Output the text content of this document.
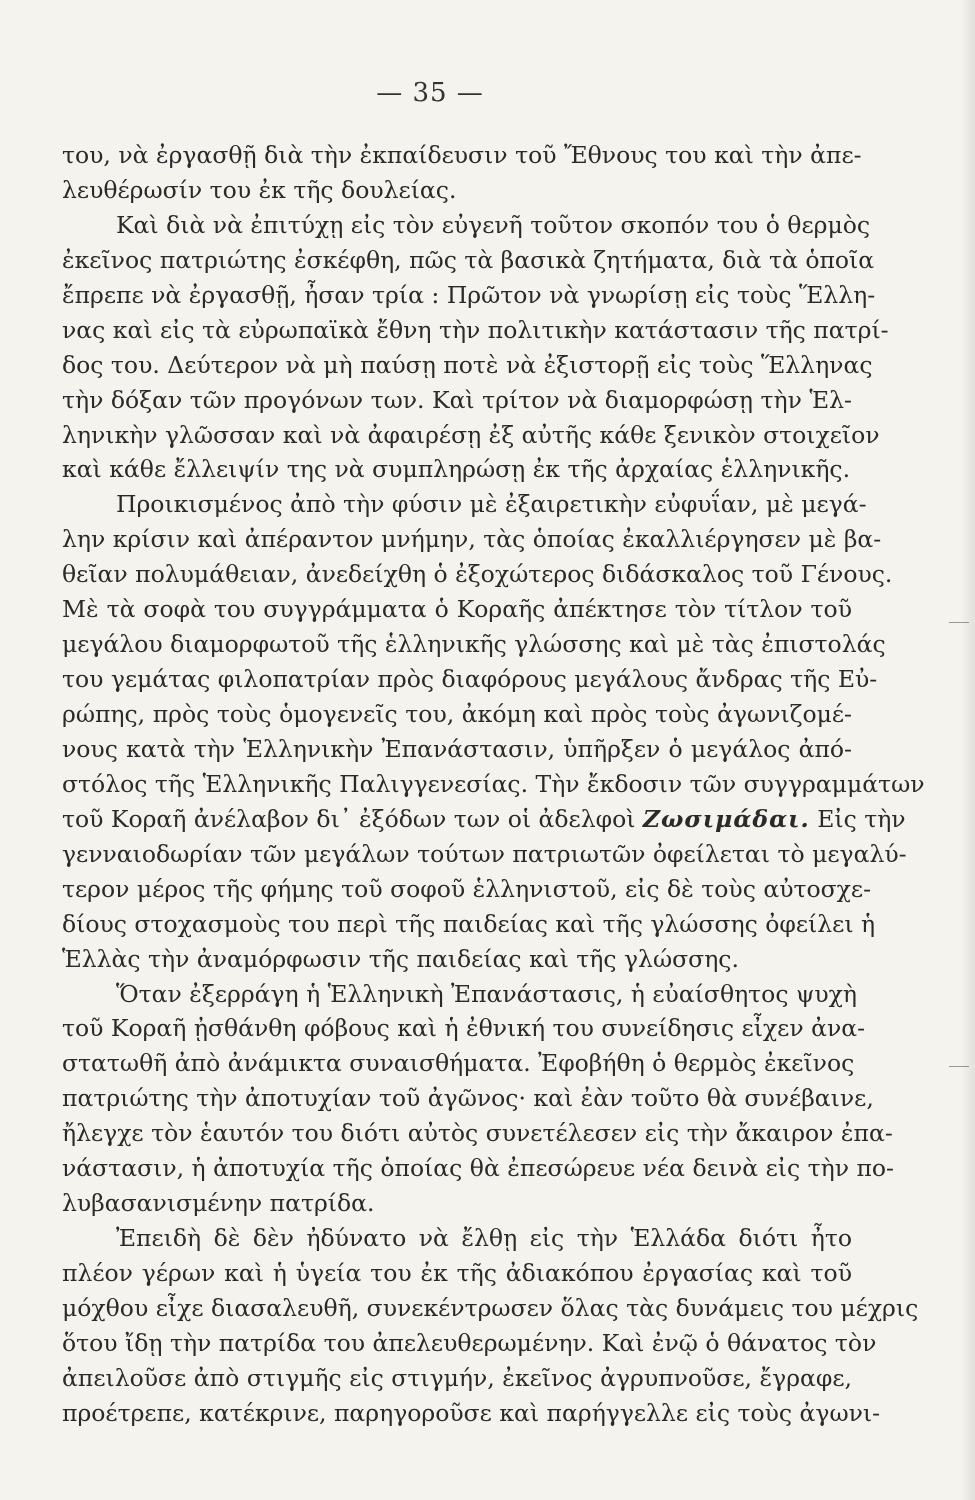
— 35 —
του, νὰ ἐργασθῇ διὰ τὴν ἐκπαίδευσιν τοῦ Ἔθνους του καὶ τὴν ἀπε-
λευθέρωσίν του ἐκ τῆς δουλείας.
Καὶ διὰ νὰ ἐπιτύχῃ εἰς τὸν εὐγενῆ τοῦτον σκοπόν του ὁ θερμὸς
ἐκεῖνος πατριώτης ἐσκέφθη, πῶς τὰ βασικὰ ζητήματα, διὰ τὰ ὁποῖα
ἔπρεπε νὰ ἐργασθῇ, ἦσαν τρία : Πρῶτον νὰ γνωρίσῃ εἰς τοὺς Ἕλλη-
νας καὶ εἰς τὰ εὐρωπαϊκὰ ἔθνη τὴν πολιτικὴν κατάστασιν τῆς πατρί-
δος του. Δεύτερον νὰ μὴ παύσῃ ποτὲ νὰ ἐξιστορῇ εἰς τοὺς Ἕλληνας
τὴν δόξαν τῶν προγόνων των. Καὶ τρίτον νὰ διαμορφώσῃ τὴν Ἑλ-
ληνικὴν γλῶσσαν καὶ νὰ ἀφαιρέσῃ ἐξ αὐτῆς κάθε ξενικὸν στοιχεῖον
καὶ κάθε ἔλλειψίν της νὰ συμπληρώσῃ ἐκ τῆς ἀρχαίας ἑλληνικῆς.
Προικισμένος ἀπὸ τὴν φύσιν μὲ ἐξαιρετικὴν εὐφυΐαν, μὲ μεγά-
λην κρίσιν καὶ ἀπέραντον μνήμην, τὰς ὁποίας ἐκαλλιέργησεν μὲ βα-
θεῖαν πολυμάθειαν, ἀνεδείχθη ὁ ἐξοχώτερος διδάσκαλος τοῦ Γένους.
Μὲ τὰ σοφὰ του συγγράμματα ὁ Κοραῆς ἀπέκτησε τὸν τίτλον τοῦ
μεγάλου διαμορφωτοῦ τῆς ἑλληνικῆς γλώσσης καὶ μὲ τὰς ἐπιστολάς
του γεμάτας φιλοπατρίαν πρὸς διαφόρους μεγάλους ἄνδρας τῆς Εὐ-
ρώπης, πρὸς τοὺς ὁμογενεῖς του, ἀκόμη καὶ πρὸς τοὺς ἀγωνιζομέ-
νους κατὰ τὴν Ἑλληνικὴν Ἐπανάστασιν, ὑπῆρξεν ὁ μεγάλος ἀπό-
στόλος τῆς Ἑλληνικῆς Παλιγγενεσίας. Τὴν ἔκδοσιν τῶν συγγραμμάτων
τοῦ Κοραῆ ἀνέλαβον δι᾽ ἐξόδων των οἱ ἀδελφοὶ Ζωσιμάδαι. Εἰς τὴν
γενναιοδωρίαν τῶν μεγάλων τούτων πατριωτῶν ὀφείλεται τὸ μεγαλύ-
τερον μέρος τῆς φήμης τοῦ σοφοῦ ἑλληνιστοῦ, εἰς δὲ τοὺς αὐτοσχε-
δίους στοχασμοὺς του περὶ τῆς παιδείας καὶ τῆς γλώσσης ὀφείλει ἡ
Ἑλλὰς τὴν ἀναμόρφωσιν τῆς παιδείας καὶ τῆς γλώσσης.
Ὅταν ἐξερράγη ἡ Ἑλληνικὴ Ἐπανάστασις, ἡ εὐαίσθητος ψυχὴ
τοῦ Κοραῆ ᾐσθάνθη φόβους καὶ ἡ ἐθνική του συνείδησις εἶχεν ἀνα-
στατωθῆ ἀπὸ ἀνάμικτα συναισθήματα. Ἐφοβήθη ὁ θερμὸς ἐκεῖνος
πατριώτης τὴν ἀποτυχίαν τοῦ ἀγῶνος· καὶ ἐὰν τοῦτο θὰ συνέβαινε,
ἤλεγχε τὸν ἑαυτόν του διότι αὐτὸς συνετέλεσεν εἰς τὴν ἄκαιρον ἐπα-
νάστασιν, ἡ ἀποτυχία τῆς ὁποίας θὰ ἐπεσώρευε νέα δεινὰ εἰς τὴν πο-
λυβασανισμένην πατρίδα.
Ἐπειδὴ δὲ δὲν ἠδύνατο νὰ ἔλθῃ εἰς τὴν Ἑλλάδα διότι ἦτο
πλέον γέρων καὶ ἡ ὑγεία του ἐκ τῆς ἀδιακόπου ἐργασίας καὶ τοῦ
μόχθου εἶχε διασαλευθῆ, συνεκέντρωσεν ὅλας τὰς δυνάμεις του μέχρις
ὅτου ἴδῃ τὴν πατρίδα του ἀπελευθερωμένην. Καὶ ἐνῷ ὁ θάνατος τὸν
ἀπειλοῦσε ἀπὸ στιγμῆς εἰς στιγμήν, ἐκεῖνος ἀγρυπνοῦσε, ἔγραφε,
προέτρεπε, κατέκρινε, παρηγοροῦσε καὶ παρήγγελλε εἰς τοὺς ἀγωνι-
